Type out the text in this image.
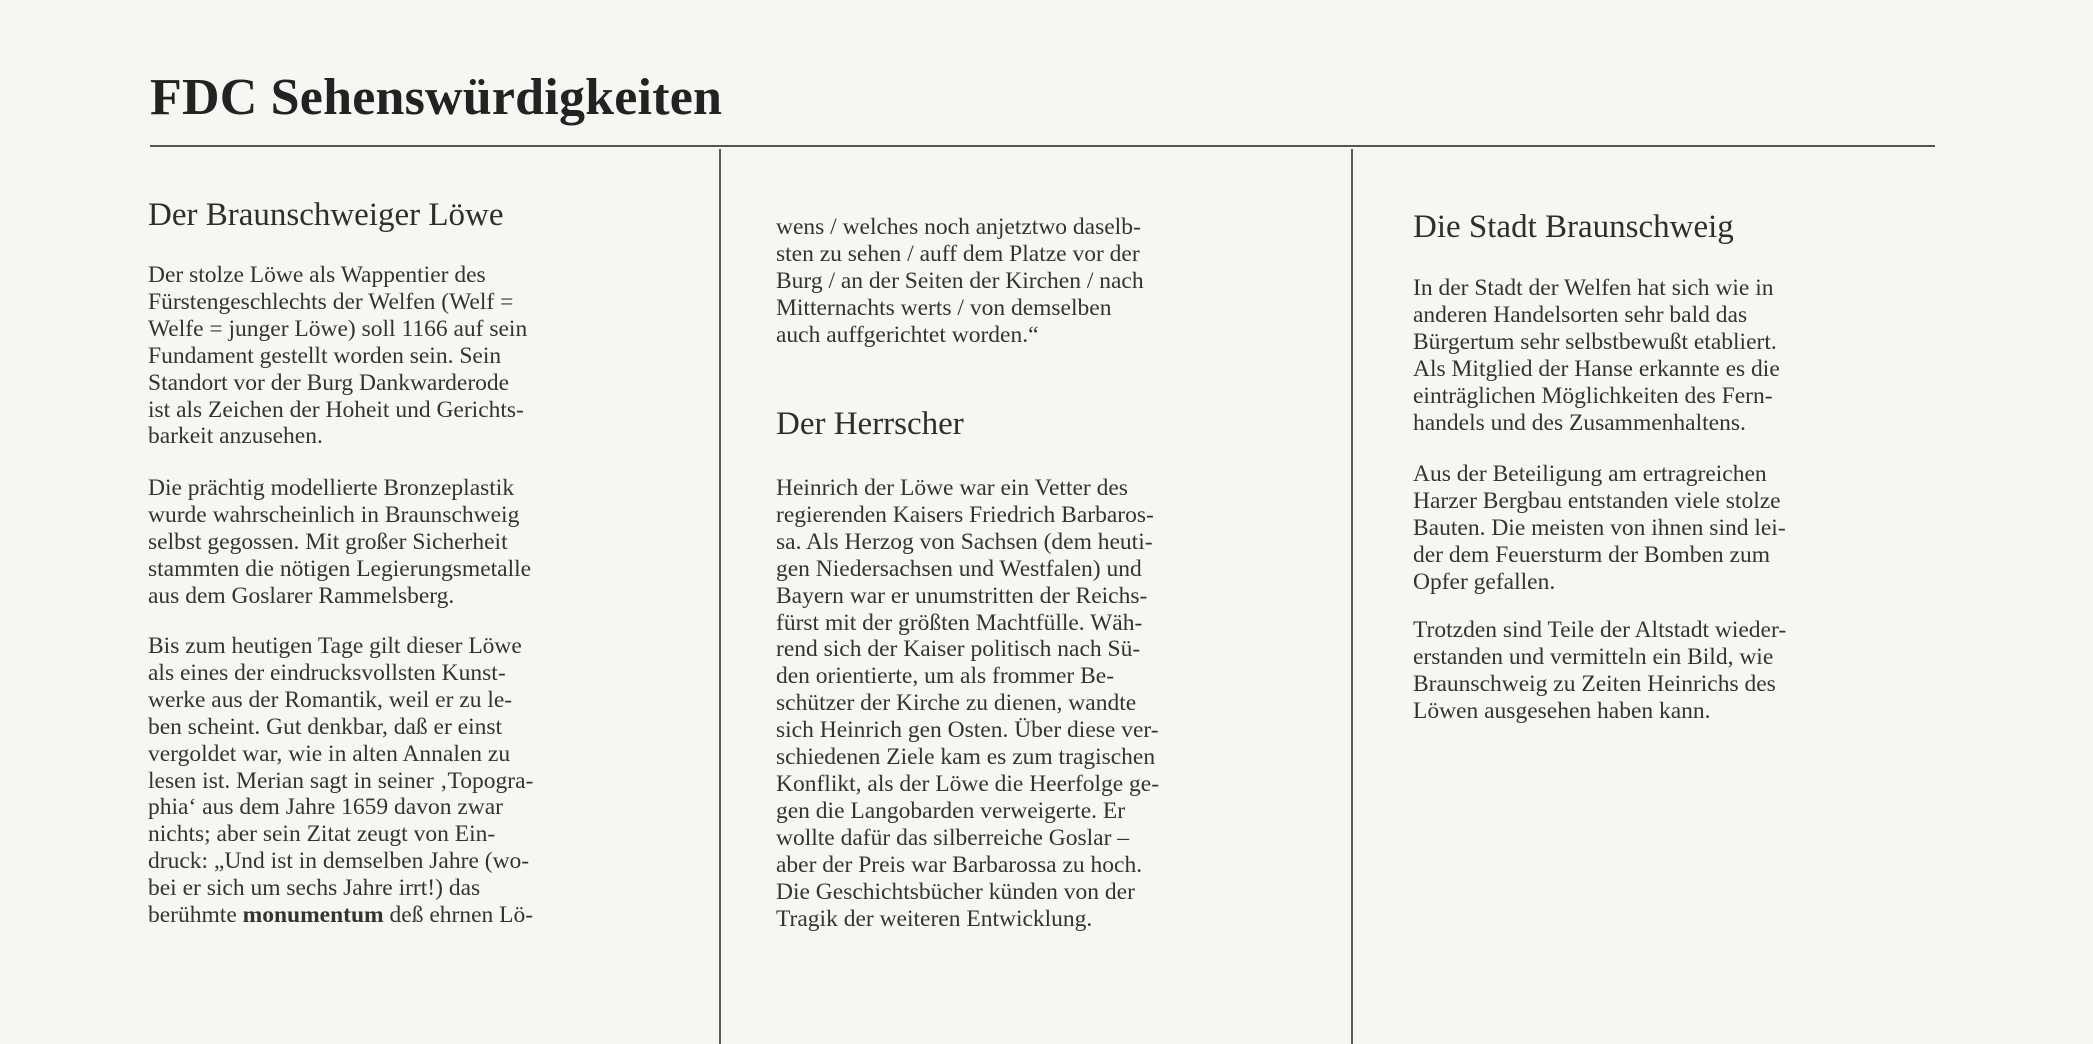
FDC Sehenswürdigkeiten
Der Braunschweiger Löwe

Der stolze Löwe als Wappentier des
Fürstengeschlechts der Welfen (Welf =
Welfe = junger Löwe) soll 1166 auf sein
Fundament gestellt worden sein. Sein
Standort vor der Burg Dankwarderode
ist als Zeichen der Hoheit und Gerichts-
barkeit anzusehen.

Die prächtig modellierte Bronzeplastik
wurde wahrscheinlich in Braunschweig
selbst gegossen. Mit großer Sicherheit
stammten die nötigen Legierungsmetalle
aus dem Goslarer Rammelsberg.

Bis zum heutigen Tage gilt dieser Löwe
als eines der eindrucksvollsten Kunst-
werke aus der Romantik, weil er zu le-
ben scheint. Gut denkbar, daß er einst
vergoldet war, wie in alten Annalen zu
lesen ist. Merian sagt in seiner ‚Topogra-
phia‘ aus dem Jahre 1659 davon zwar
nichts; aber sein Zitat zeugt von Ein-
druck: „Und ist in demselben Jahre (wo-
bei er sich um sechs Jahre irrt!) das
berühmte monumentum deß ehrnen Lö-

wens / welches noch anjetztwo daselb-
sten zu sehen / auff dem Platze vor der
Burg / an der Seiten der Kirchen / nach
Mitternachts werts / von demselben
auch auffgerichtet worden.“

Der Herrscher

Heinrich der Löwe war ein Vetter des
regierenden Kaisers Friedrich Barbaros-
sa. Als Herzog von Sachsen (dem heuti-
gen Niedersachsen und Westfalen) und
Bayern war er unumstritten der Reichs-
fürst mit der größten Machtfülle. Wäh-
rend sich der Kaiser politisch nach Sü-
den orientierte, um als frommer Be-
schützer der Kirche zu dienen, wandte
sich Heinrich gen Osten. Über diese ver-
schiedenen Ziele kam es zum tragischen
Konflikt, als der Löwe die Heerfolge ge-
gen die Langobarden verweigerte. Er
wollte dafür das silberreiche Goslar –
aber der Preis war Barbarossa zu hoch.
Die Geschichtsbücher künden von der
Tragik der weiteren Entwicklung.

Die Stadt Braunschweig

In der Stadt der Welfen hat sich wie in
anderen Handelsorten sehr bald das
Bürgertum sehr selbstbewußt etabliert.
Als Mitglied der Hanse erkannte es die
einträglichen Möglichkeiten des Fern-
handels und des Zusammenhaltens.

Aus der Beteiligung am ertragreichen
Harzer Bergbau entstanden viele stolze
Bauten. Die meisten von ihnen sind lei-
der dem Feuersturm der Bomben zum
Opfer gefallen.

Trotzden sind Teile der Altstadt wieder-
erstanden und vermitteln ein Bild, wie
Braunschweig zu Zeiten Heinrichs des
Löwen ausgesehen haben kann.
